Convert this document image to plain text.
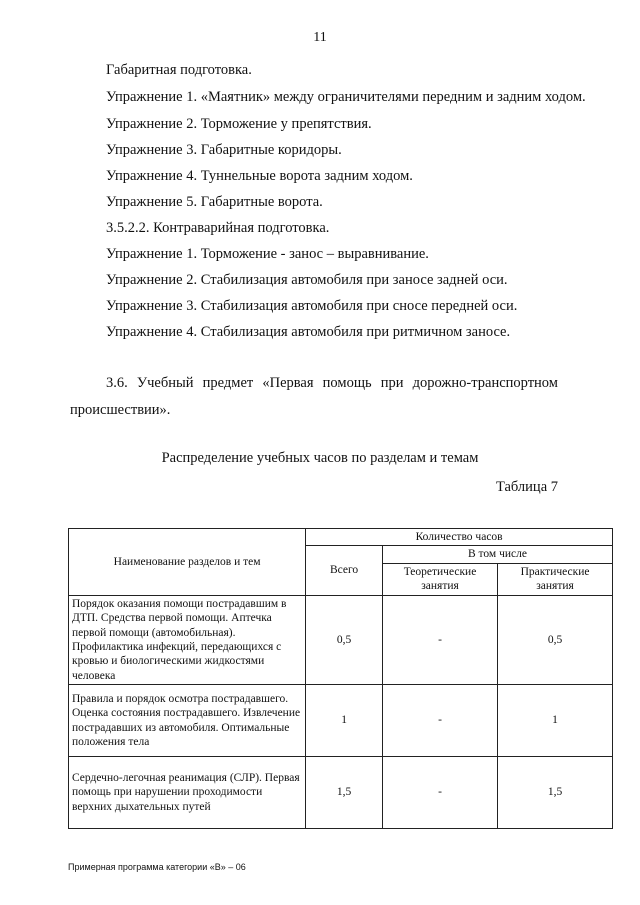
11
Габаритная подготовка.
Упражнение 1. «Маятник» между ограничителями передним и задним ходом.
Упражнение 2. Торможение у препятствия.
Упражнение 3. Габаритные коридоры.
Упражнение 4. Туннельные ворота задним ходом.
Упражнение 5. Габаритные ворота.
3.5.2.2. Контраварийная подготовка.
Упражнение 1. Торможение - занос – выравнивание.
Упражнение 2. Стабилизация автомобиля при заносе задней оси.
Упражнение 3. Стабилизация автомобиля при сносе передней оси.
Упражнение 4. Стабилизация автомобиля при ритмичном заносе.
3.6. Учебный предмет «Первая помощь при дорожно-транспортном
происшествии».
Распределение учебных часов по разделам и темам
Таблица 7
Наименование разделов и тем	Количество часов		
	Всего	В том числе	
		Теоретические занятия	Практические занятия
Порядок оказания помощи пострадавшим в ДТП. Средства первой помощи. Аптечка первой помощи (автомобильная). Профилактика инфекций, передающихся с кровью и биологическими жидкостями человека	0,5	-	0,5
Правила и порядок осмотра пострадавшего. Оценка состояния пострадавшего. Извлечение пострадавших из автомобиля. Оптимальные положения тела	1	-	1
Сердечно-легочная реанимация (СЛР). Первая помощь при нарушении проходимости верхних дыхательных путей	1,5	-	1,5
Примерная программа категории «В» – 06
